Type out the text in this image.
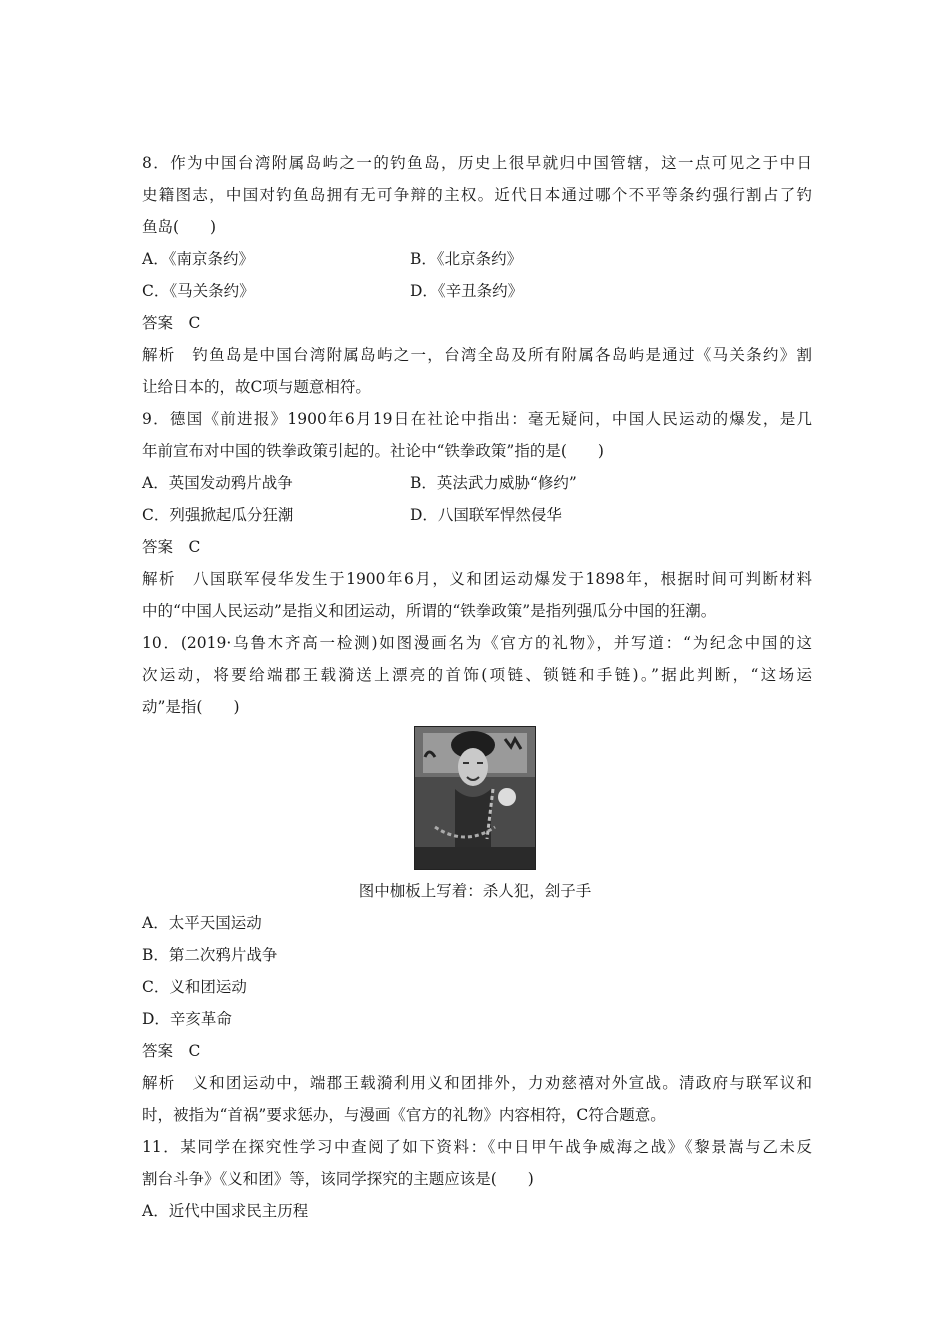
8．作为中国台湾附属岛屿之一的钓鱼岛，历史上很早就归中国管辖，这一点可见之于中日
史籍图志，中国对钓鱼岛拥有无可争辩的主权。近代日本通过哪个不平等条约强行割占了钓
鱼岛(　　)
A．《南京条约》	B．《北京条约》
C．《马关条约》	D．《辛丑条约》
答案　C
解析　钓鱼岛是中国台湾附属岛屿之一，台湾全岛及所有附属各岛屿是通过《马关条约》割
让给日本的，故C项与题意相符。
9．德国《前进报》1900年6月19日在社论中指出：毫无疑问，中国人民运动的爆发，是几
年前宣布对中国的铁拳政策引起的。社论中“铁拳政策”指的是(　　)
A．英国发动鸦片战争	B．英法武力威胁“修约”
C．列强掀起瓜分狂潮	D．八国联军悍然侵华
答案　C
解析　八国联军侵华发生于1900年6月，义和团运动爆发于1898年，根据时间可判断材料
中的“中国人民运动”是指义和团运动，所谓的“铁拳政策”是指列强瓜分中国的狂潮。
10．(2019·乌鲁木齐高一检测)如图漫画名为《官方的礼物》，并写道：“为纪念中国的这
次运动，将要给端郡王载漪送上漂亮的首饰(项链、锁链和手链)。”据此判断，“这场运
动”是指(　　)
图中枷板上写着：杀人犯，刽子手
A．太平天国运动
B．第二次鸦片战争
C．义和团运动
D．辛亥革命
答案　C
解析　义和团运动中，端郡王载漪利用义和团排外，力劝慈禧对外宣战。清政府与联军议和
时，被指为“首祸”要求惩办，与漫画《官方的礼物》内容相符，C符合题意。
11．某同学在探究性学习中查阅了如下资料：《中日甲午战争威海之战》《黎景嵩与乙未反
割台斗争》《义和团》等，该同学探究的主题应该是(　　)
A．近代中国求民主历程
